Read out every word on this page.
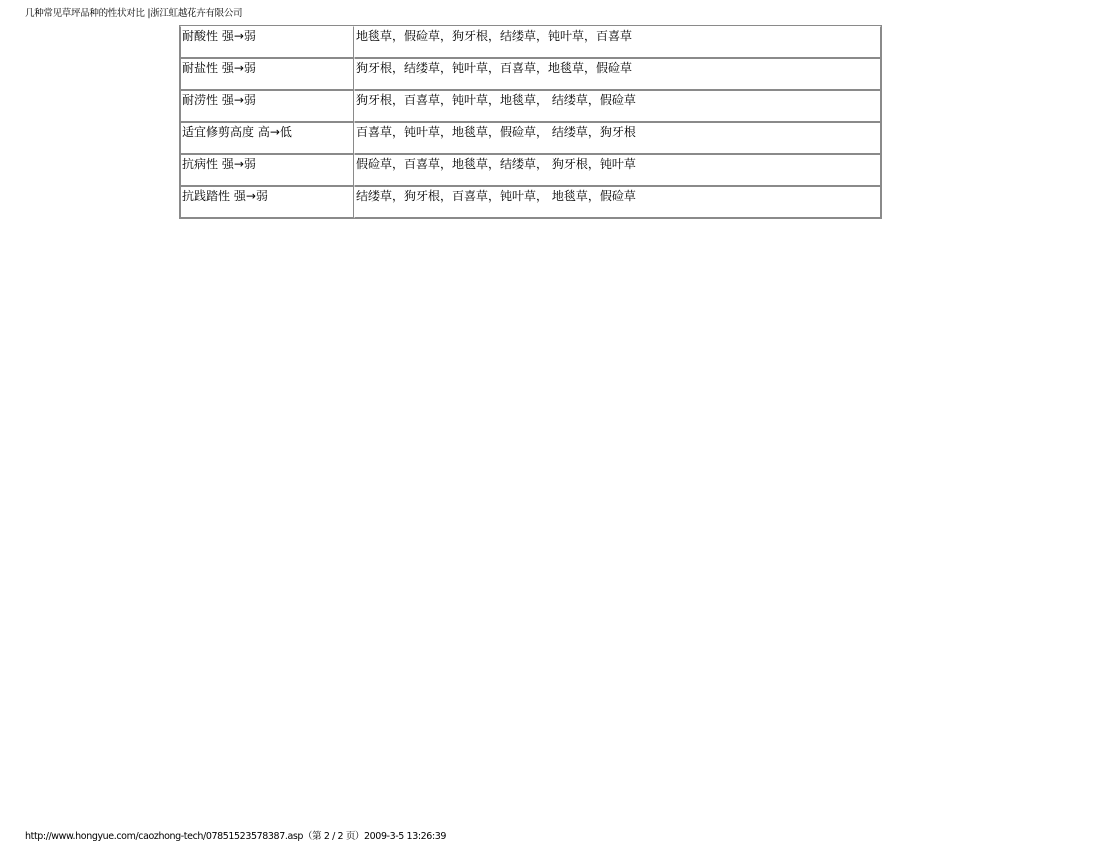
几种常见草坪品种的性状对比 |浙江虹越花卉有限公司
耐酸性 强→弱	地毯草，假硷草，狗牙根，结缕草，钝叶草，百喜草
耐盐性 强→弱	狗牙根，结缕草，钝叶草，百喜草，地毯草，假硷草
耐涝性 强→弱	狗牙根，百喜草，钝叶草，地毯草， 结缕草，假硷草
适宜修剪高度 高→低	百喜草，钝叶草，地毯草，假硷草， 结缕草，狗牙根
抗病性 强→弱	假硷草，百喜草，地毯草，结缕草， 狗牙根，钝叶草
抗践踏性 强→弱	结缕草，狗牙根，百喜草，钝叶草， 地毯草，假硷草
http://www.hongyue.com/caozhong-tech/07851523578387.asp（第 2 / 2 页）2009-3-5 13:26:39
